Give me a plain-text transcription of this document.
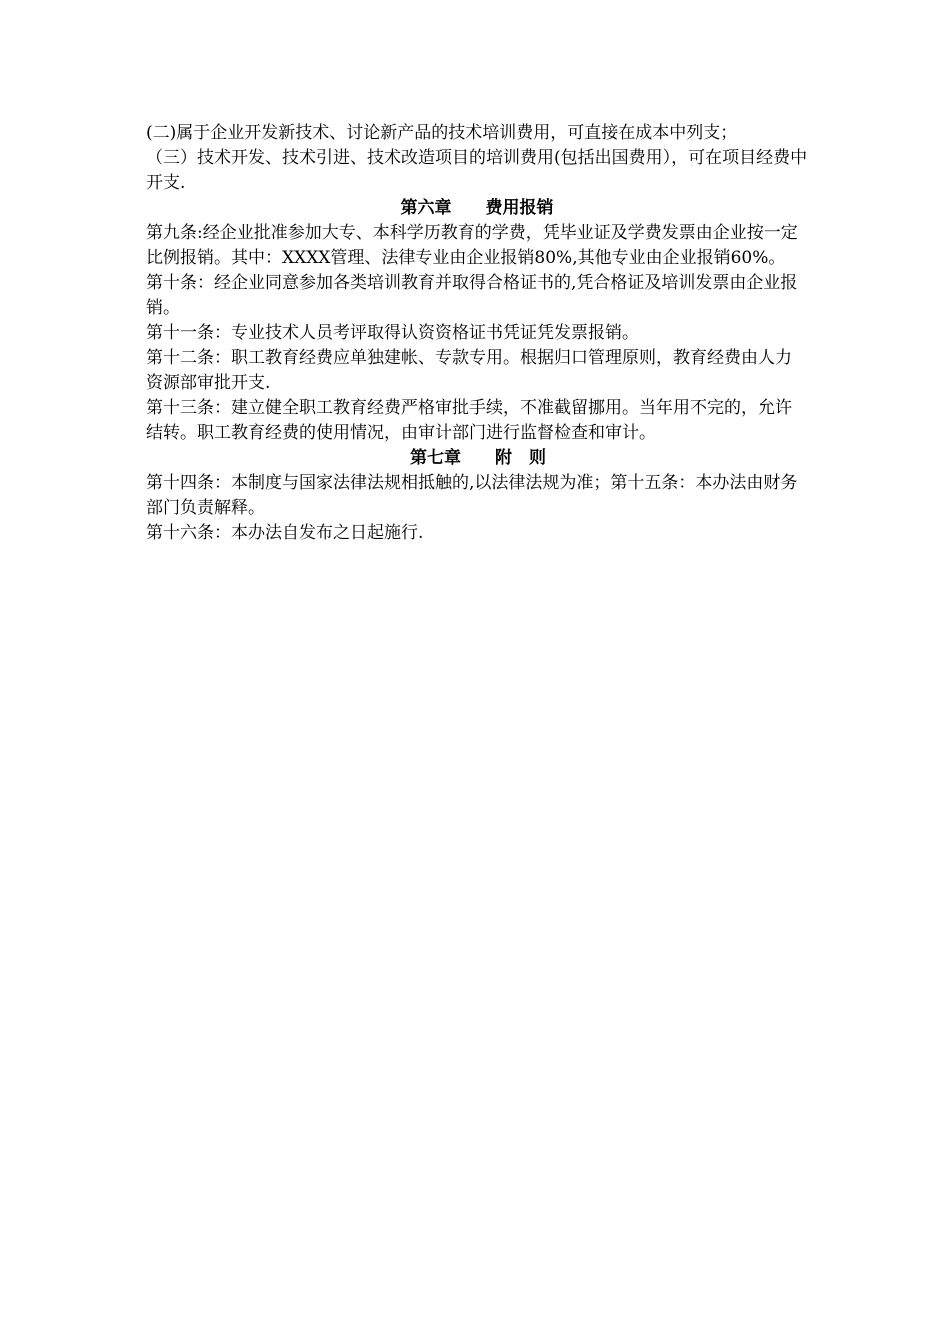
(二)属于企业开发新技术、讨论新产品的技术培训费用，可直接在成本中列支；

（三）技术开发、技术引进、技术改造项目的培训费用(包括出国费用），可在项目经费中开支.

第六章　　费用报销

第九条:经企业批准参加大专、本科学历教育的学费，凭毕业证及学费发票由企业按一定比例报销。其中：XXXX管理、法律专业由企业报销80%,其他专业由企业报销60%。

第十条：经企业同意参加各类培训教育并取得合格证书的,凭合格证及培训发票由企业报销。

第十一条：专业技术人员考评取得认资资格证书凭证凭发票报销。

第十二条：职工教育经费应单独建帐、专款专用。根据归口管理原则，教育经费由人力资源部审批开支.

第十三条：建立健全职工教育经费严格审批手续，不准截留挪用。当年用不完的，允许结转。职工教育经费的使用情况，由审计部门进行监督检查和审计。

第七章　　附　则

第十四条：本制度与国家法律法规相抵触的,以法律法规为准；第十五条：本办法由财务部门负责解释。

第十六条：本办法自发布之日起施行.
